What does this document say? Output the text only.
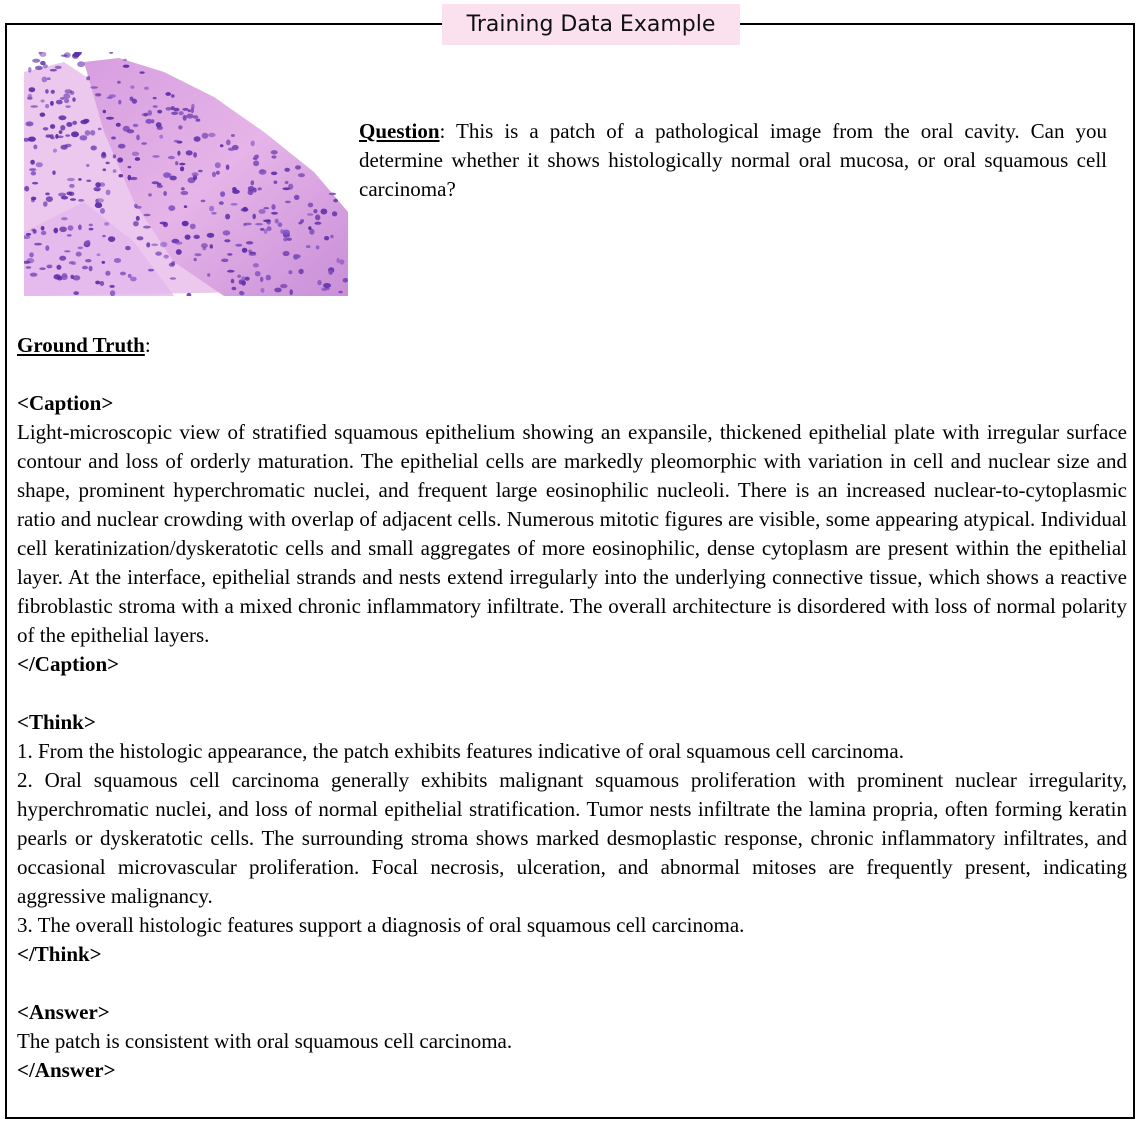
Training Data Example
Question: This is a patch of a pathological image from the oral cavity. Can you determine whether it shows histologically normal oral mucosa, or oral squamous cell carcinoma?
Ground Truth:
<Caption>
Light-microscopic view of stratified squamous epithelium showing an expansile, thickened epithelial plate with irregular surface contour and loss of orderly maturation. The epithelial cells are markedly pleomorphic with variation in cell and nuclear size and shape, prominent hyperchromatic nuclei, and frequent large eosinophilic nucleoli. There is an increased nuclear-to-cytoplasmic ratio and nuclear crowding with overlap of adjacent cells. Numerous mitotic figures are visible, some appearing atypical. Individual cell keratinization/dyskeratotic cells and small aggregates of more eosinophilic, dense cytoplasm are present within the epithelial layer. At the interface, epithelial strands and nests extend irregularly into the underlying connective tissue, which shows a reactive fibroblastic stroma with a mixed chronic inflammatory infiltrate. The overall architecture is disordered with loss of normal polarity of the epithelial layers.
</Caption>
<Think>
1. From the histologic appearance, the patch exhibits features indicative of oral squamous cell carcinoma.
2. Oral squamous cell carcinoma generally exhibits malignant squamous proliferation with prominent nuclear irregularity, hyperchromatic nuclei, and loss of normal epithelial stratification. Tumor nests infiltrate the lamina propria, often forming keratin pearls or dyskeratotic cells. The surrounding stroma shows marked desmoplastic response, chronic inflammatory infiltrates, and occasional microvascular proliferation. Focal necrosis, ulceration, and abnormal mitoses are frequently present, indicating aggressive malignancy.
3. The overall histologic features support a diagnosis of oral squamous cell carcinoma.
</Think>
<Answer>
The patch is consistent with oral squamous cell carcinoma.
</Answer>
